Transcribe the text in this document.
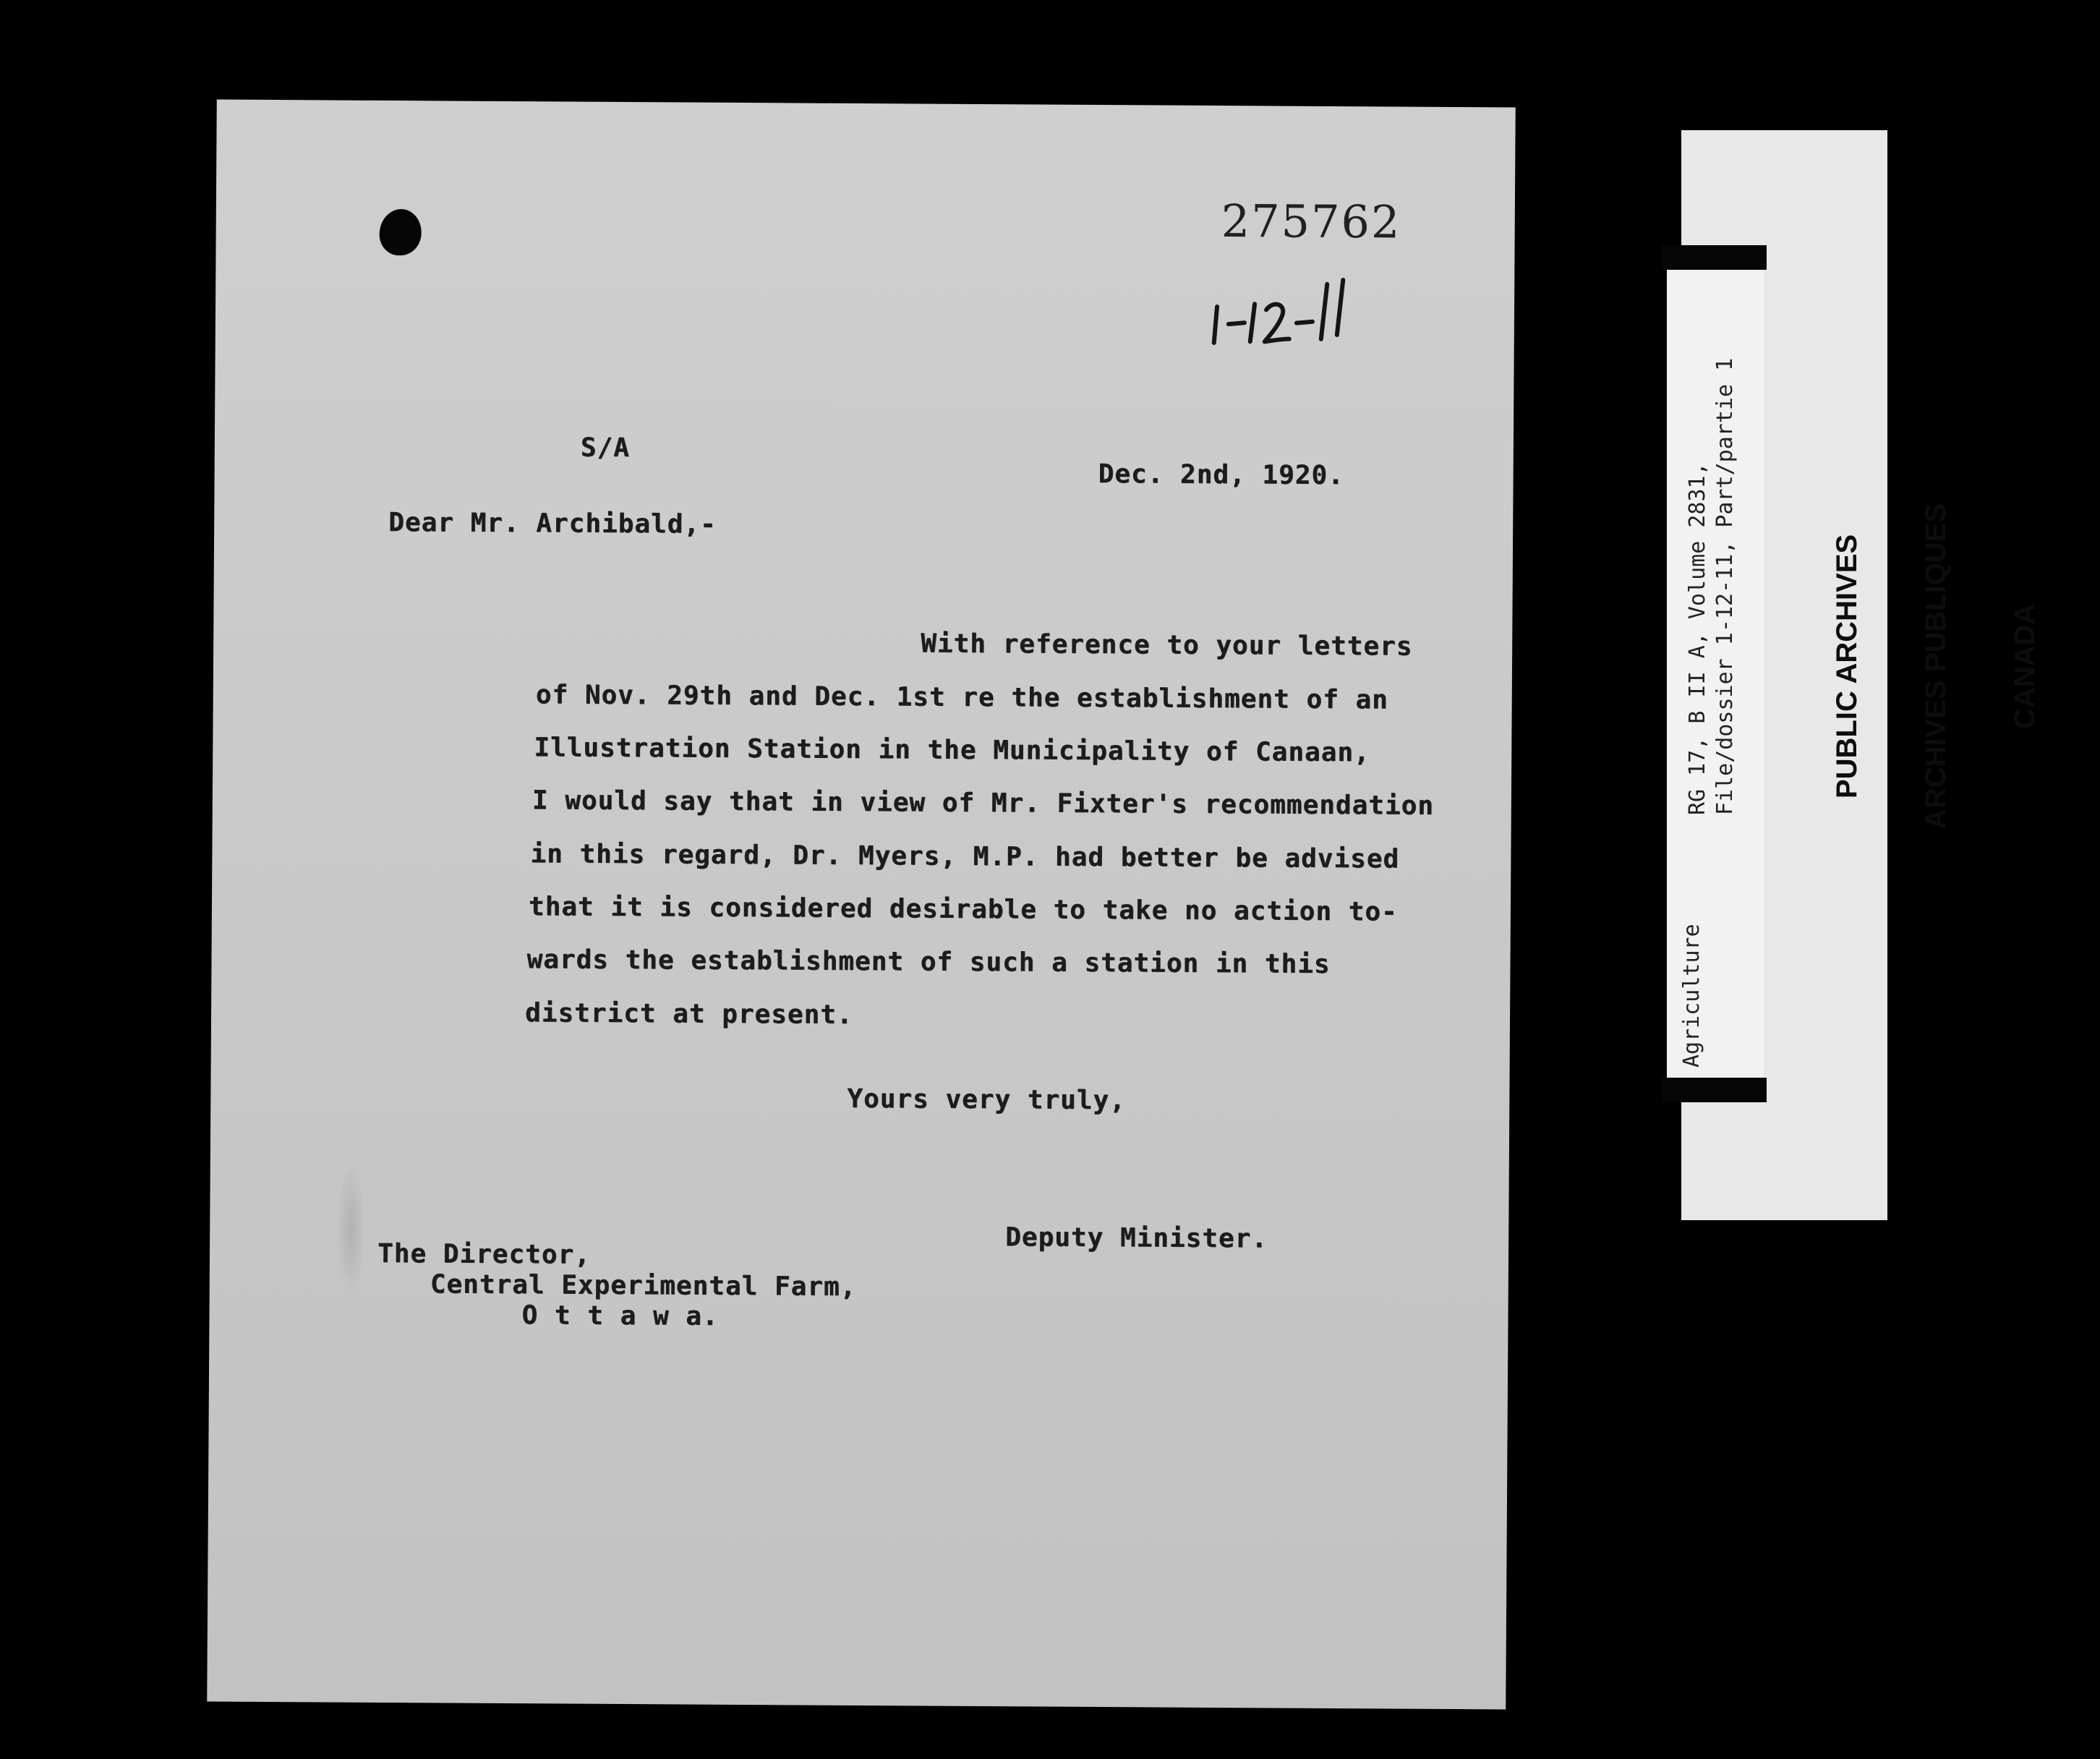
275762
S/A
Dec. 2nd, 1920.
Dear Mr. Archibald,-
With reference to your letters
of Nov. 29th and Dec. 1st re the establishment of an
Illustration Station in the Municipality of Canaan,
I would say that in view of Mr. Fixter's recommendation
in this regard, Dr. Myers, M.P. had better be advised
that it is considered desirable to take no action to-
wards the establishment of such a station in this
district at present.
Yours very truly,
Deputy Minister.
The Director,
Central Experimental Farm,
O t t a w a.
Agriculture
RG 17, B II A, Volume 2831, File/dossier 1-12-11, Part/partie 1

	PUBLIC ARCHIVES

ARCHIVES PUBLIQUES

CANADA
